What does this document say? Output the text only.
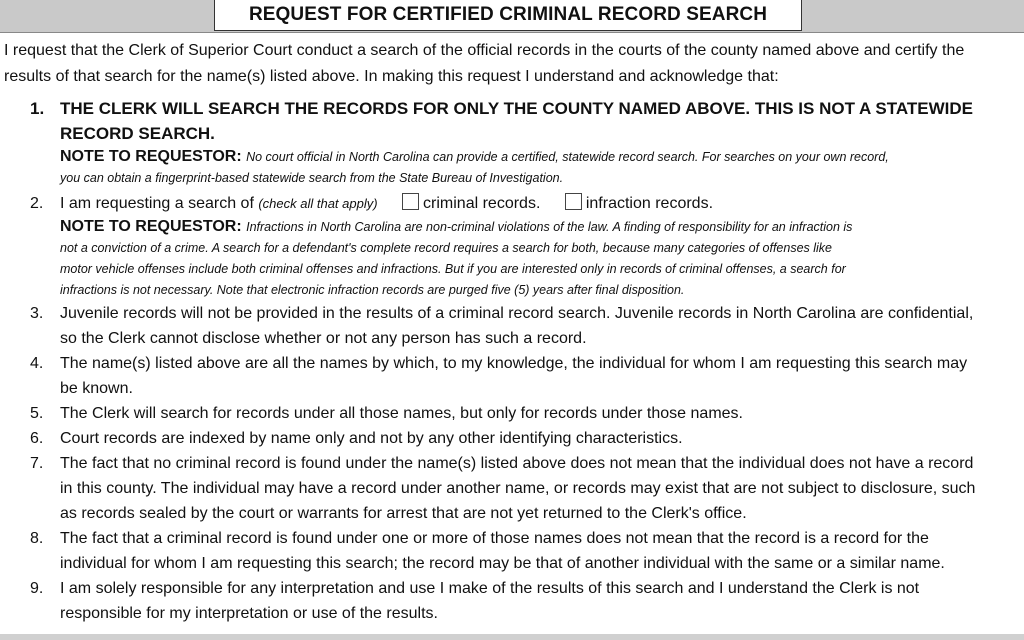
REQUEST FOR CERTIFIED CRIMINAL RECORD SEARCH
I request that the Clerk of Superior Court conduct a search of the official records in the courts of the county named above and certify the
results of that search for the name(s) listed above. In making this request I understand and acknowledge that:
1. THE CLERK WILL SEARCH THE RECORDS FOR ONLY THE COUNTY NAMED ABOVE. THIS IS NOT A STATEWIDE
RECORD SEARCH.
NOTE TO REQUESTOR: No court official in North Carolina can provide a certified, statewide record search. For searches on your own record,
you can obtain a fingerprint-based statewide search from the State Bureau of Investigation.
2.	I am requesting a search of (check all that apply)	criminal records.	infraction records.
NOTE TO REQUESTOR: Infractions in North Carolina are non-criminal violations of the law. A finding of responsibility for an infraction is
not a conviction of a crime. A search for a defendant's complete record requires a search for both, because many categories of offenses like
motor vehicle offenses include both criminal offenses and infractions. But if you are interested only in records of criminal offenses, a search for
infractions is not necessary. Note that electronic infraction records are purged five (5) years after final disposition.
3.	Juvenile records will not be provided in the results of a criminal record search. Juvenile records in North Carolina are confidential,
so the Clerk cannot disclose whether or not any person has such a record.
4.	The name(s) listed above are all the names by which, to my knowledge, the individual for whom I am requesting this search may
be known.
5.	The Clerk will search for records under all those names, but only for records under those names.
6.	Court records are indexed by name only and not by any other identifying characteristics.
7.	The fact that no criminal record is found under the name(s) listed above does not mean that the individual does not have a record
in this county. The individual may have a record under another name, or records may exist that are not subject to disclosure, such
as records sealed by the court or warrants for arrest that are not yet returned to the Clerk's office.
8.	The fact that a criminal record is found under one or more of those names does not mean that the record is a record for the
individual for whom I am requesting this search; the record may be that of another individual with the same or a similar name.
9.	I am solely responsible for any interpretation and use I make of the results of this search and I understand the Clerk is not
responsible for my interpretation or use of the results.
